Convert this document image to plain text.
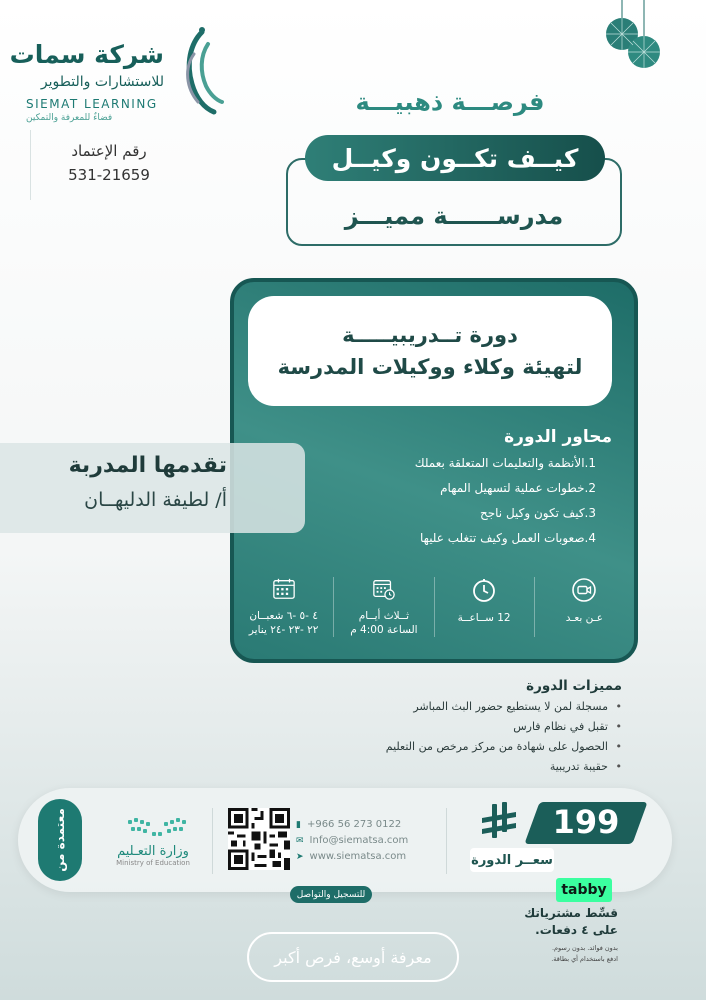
شركة سمات
للاستشارات والتطوير
SIEMAT LEARNING
فضاءٌ للمعرفة والتمكين
رقم الإعتماد
531-21659
فرصـــة ذهبيـــة
مدرســــــة مميـــز
كيــف تكــون وكيــل
دورة تــدريبيـــــة
لتهيئة وكلاء ووكيلات المدرسة
محاور الدورة
1.الأنظمة والتعليمات المتعلقة بعملك
2.خطوات عملية لتسهيل المهام
3.كيف تكون وكيل ناجح
4.صعوبات العمل وكيف تتغلب عليها
عـن بعـد
12 ســاعــة
ثــلاث أيــام
الساعة 4:00 م
٤ -٥ -٦ شعبــان
٢٢ -٢٣ -٢٤ يناير
تقدمها المدربة
أ/ لطيفة الدليهــان
مميزات الدورة
• مسجلة لمن لا يستطيع حضور البث المباشر
• تقبل في نظام فارس
• الحصول على شهادة من مركز مرخص من التعليم
• حقيبة تدريبية
معتمدة من	وزارة التعـليم
Ministry of Education
▮ +966 56 273 0122
✉ Info@siematsa.com
➤ www.siematsa.com
للتسجيل والتواصل
199
سعــر الدورة
tabby
قسِّط مشترياتك
على ٤ دفعات.
بدون فوائد. بدون رسوم.
ادفع باستخدام أي بطاقة.
معرفة أوسع، فرص أكبر
